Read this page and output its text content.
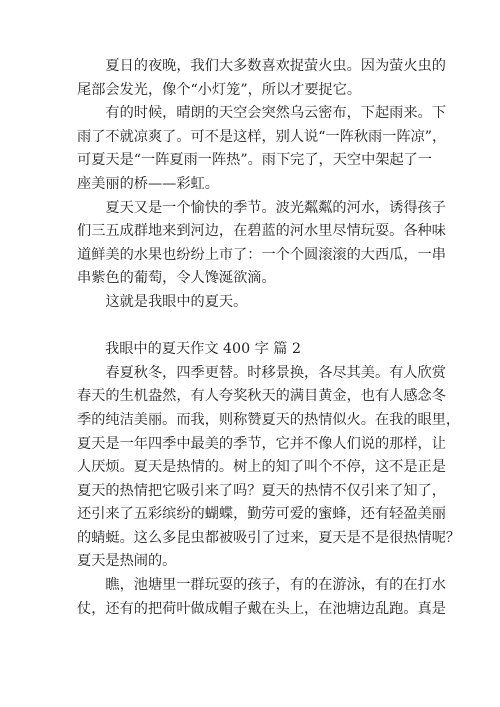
　　夏日的夜晚，我们大多数喜欢捉萤火虫。因为萤火虫的
尾部会发光，像个“小灯笼”，所以才要捉它。
　　有的时候，晴朗的天空会突然乌云密布，下起雨来。下
雨了不就凉爽了。可不是这样，别人说“一阵秋雨一阵凉”，
可夏天是“一阵夏雨一阵热”。雨下完了，天空中架起了一
座美丽的桥——彩虹。
　　夏天又是一个愉快的季节。波光粼粼的河水，诱得孩子
们三五成群地来到河边，在碧蓝的河水里尽情玩耍。各种味
道鲜美的水果也纷纷上市了：一个个圆滚滚的大西瓜，一串
串紫色的葡萄，令人馋涎欲滴。
　　这就是我眼中的夏天。
我眼中的夏天作文 400 字 篇 2
　　春夏秋冬，四季更替。时移景换，各尽其美。有人欣赏
春天的生机盎然，有人夸奖秋天的满目黄金，也有人感念冬
季的纯洁美丽。而我，则称赞夏天的热情似火。在我的眼里，
夏天是一年四季中最美的季节，它并不像人们说的那样，让
人厌烦。夏天是热情的。树上的知了叫个不停，这不是正是
夏天的热情把它吸引来了吗？夏天的热情不仅引来了知了，
还引来了五彩缤纷的蝴蝶，勤劳可爱的蜜蜂，还有轻盈美丽
的蜻蜓。这么多昆虫都被吸引了过来，夏天是不是很热情呢？
夏天是热闹的。
　　瞧，池塘里一群玩耍的孩子，有的在游泳，有的在打水
仗，还有的把荷叶做成帽子戴在头上，在池塘边乱跑。真是
